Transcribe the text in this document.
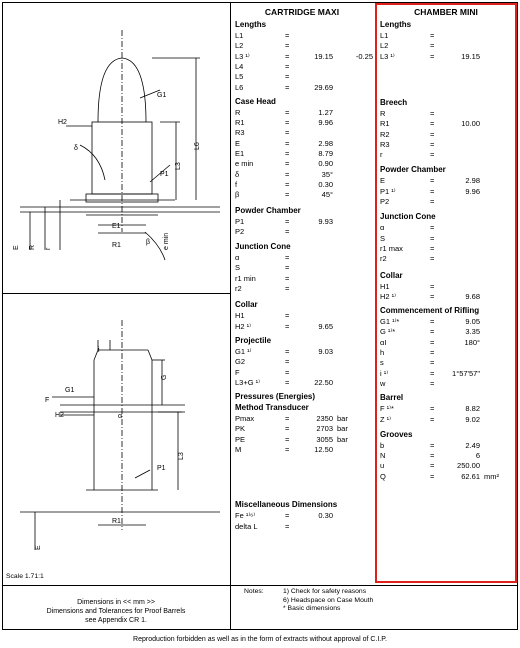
CARTRIDGE MAXI	CHAMBER MINI
G1
H2
L6
L3
P1
δ
E1
R1	β e min
E R r
i
G1
G
F
H2	α
L3
P1
R1
E
Scale 1.71:1
Dimensions in << mm >>
Dimensions and Tolerances for Proof Barrels
see Appendix CR 1.
Notes:	1) Check for safety reasons
6) Headspace on Case Mouth
* Basic dimensions
Reproduction forbidden as well as in the form of extracts without approval of C.I.P.
Lengths
L1	=
L2	=
L3 ¹⁾	=	19.15	-0.25
L4	=
L5	=
L6	=	29.69
Case Head
R	=	1.27
R1	=	9.96
R3	=
E	=	2.98
E1	=	8.79
e min	=	0.90
δ	=	35°
f	=	0.30
β	=	45°
Powder Chamber
P1	=	9.93
P2	=
Junction Cone
α	=
S	=
r1 min	=
r2	=
Collar
H1	=
H2 ¹⁾	=	9.65
Projectile
G1 ¹⁾	=	9.03
G2	=
F	=
L3+G ¹⁾	=	22.50
Pressures (Energies)
Method Transducer
Pmax	=	2350 bar
PK	=	2703 bar
PE	=	3055 bar
M	=	12.50
Miscellaneous Dimensions
Fe ¹⁾⁶⁾	=	0.30
delta L	=
Lengths
L1	=
L2	=
L3 ¹⁾	=	19.15
Breech
R	=
R1	=	10.00
R2	=
R3	=
r	=
Powder Chamber
E	=	2.98
P1 ¹⁾	=	9.96
P2	=
Junction Cone
α	=
S	=
r1 max	=
r2	=
Collar
H1	=
H2 ¹⁾	=	9.68
Commencement of Rifling
G1 ¹⁾*	=	9.05
G ¹⁾*	=	3.35
αI	=	180°
h	=
s	=
i ¹⁾	= 1°57'57"
w	=
Barrel
F ¹⁾*	=	8.82
Z ¹⁾	=	9.02
Grooves
b	=	2.49
N	=	6
u	=	250.00
Q	=	62.61 mm²
